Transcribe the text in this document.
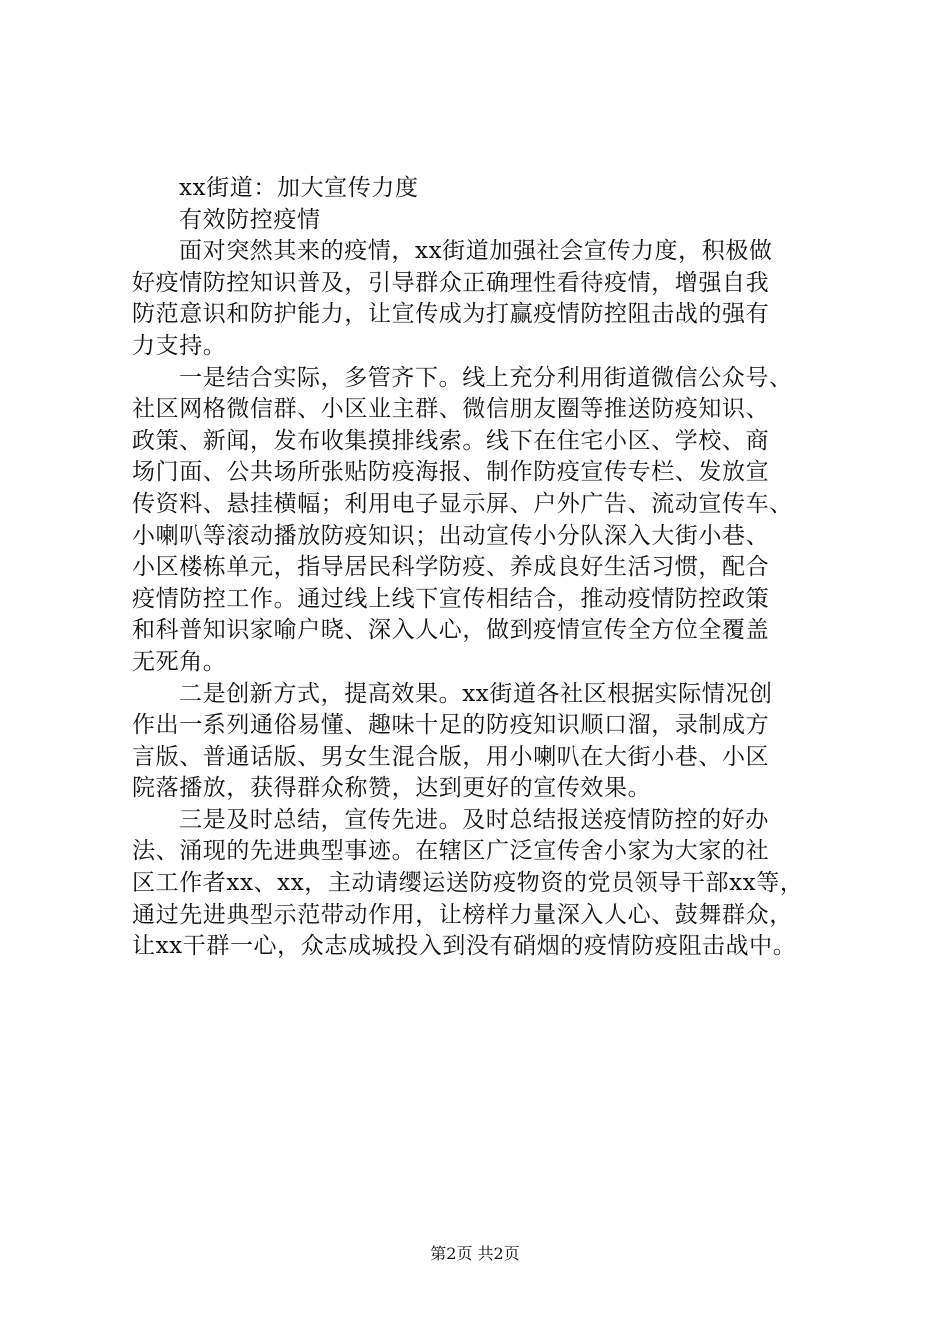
xx街道：加大宣传力度
有效防控疫情
面对突然其来的疫情，xx街道加强社会宣传力度，积极做
好疫情防控知识普及，引导群众正确理性看待疫情，增强自我
防范意识和防护能力，让宣传成为打赢疫情防控阻击战的强有
力支持。
一是结合实际，多管齐下。线上充分利用街道微信公众号、
社区网格微信群、小区业主群、微信朋友圈等推送防疫知识、
政策、新闻，发布收集摸排线索。线下在住宅小区、学校、商
场门面、公共场所张贴防疫海报、制作防疫宣传专栏、发放宣
传资料、悬挂横幅；利用电子显示屏、户外广告、流动宣传车、
小喇叭等滚动播放防疫知识；出动宣传小分队深入大街小巷、
小区楼栋单元，指导居民科学防疫、养成良好生活习惯，配合
疫情防控工作。通过线上线下宣传相结合，推动疫情防控政策
和科普知识家喻户晓、深入人心，做到疫情宣传全方位全覆盖
无死角。
二是创新方式，提高效果。xx街道各社区根据实际情况创
作出一系列通俗易懂、趣味十足的防疫知识顺口溜，录制成方
言版、普通话版、男女生混合版，用小喇叭在大街小巷、小区
院落播放，获得群众称赞，达到更好的宣传效果。
三是及时总结，宣传先进。及时总结报送疫情防控的好办
法、涌现的先进典型事迹。在辖区广泛宣传舍小家为大家的社
区工作者xx、xx，主动请缨运送防疫物资的党员领导干部xx等，
通过先进典型示范带动作用，让榜样力量深入人心、鼓舞群众，
让xx干群一心，众志成城投入到没有硝烟的疫情防疫阻击战中。
第2页 共2页
